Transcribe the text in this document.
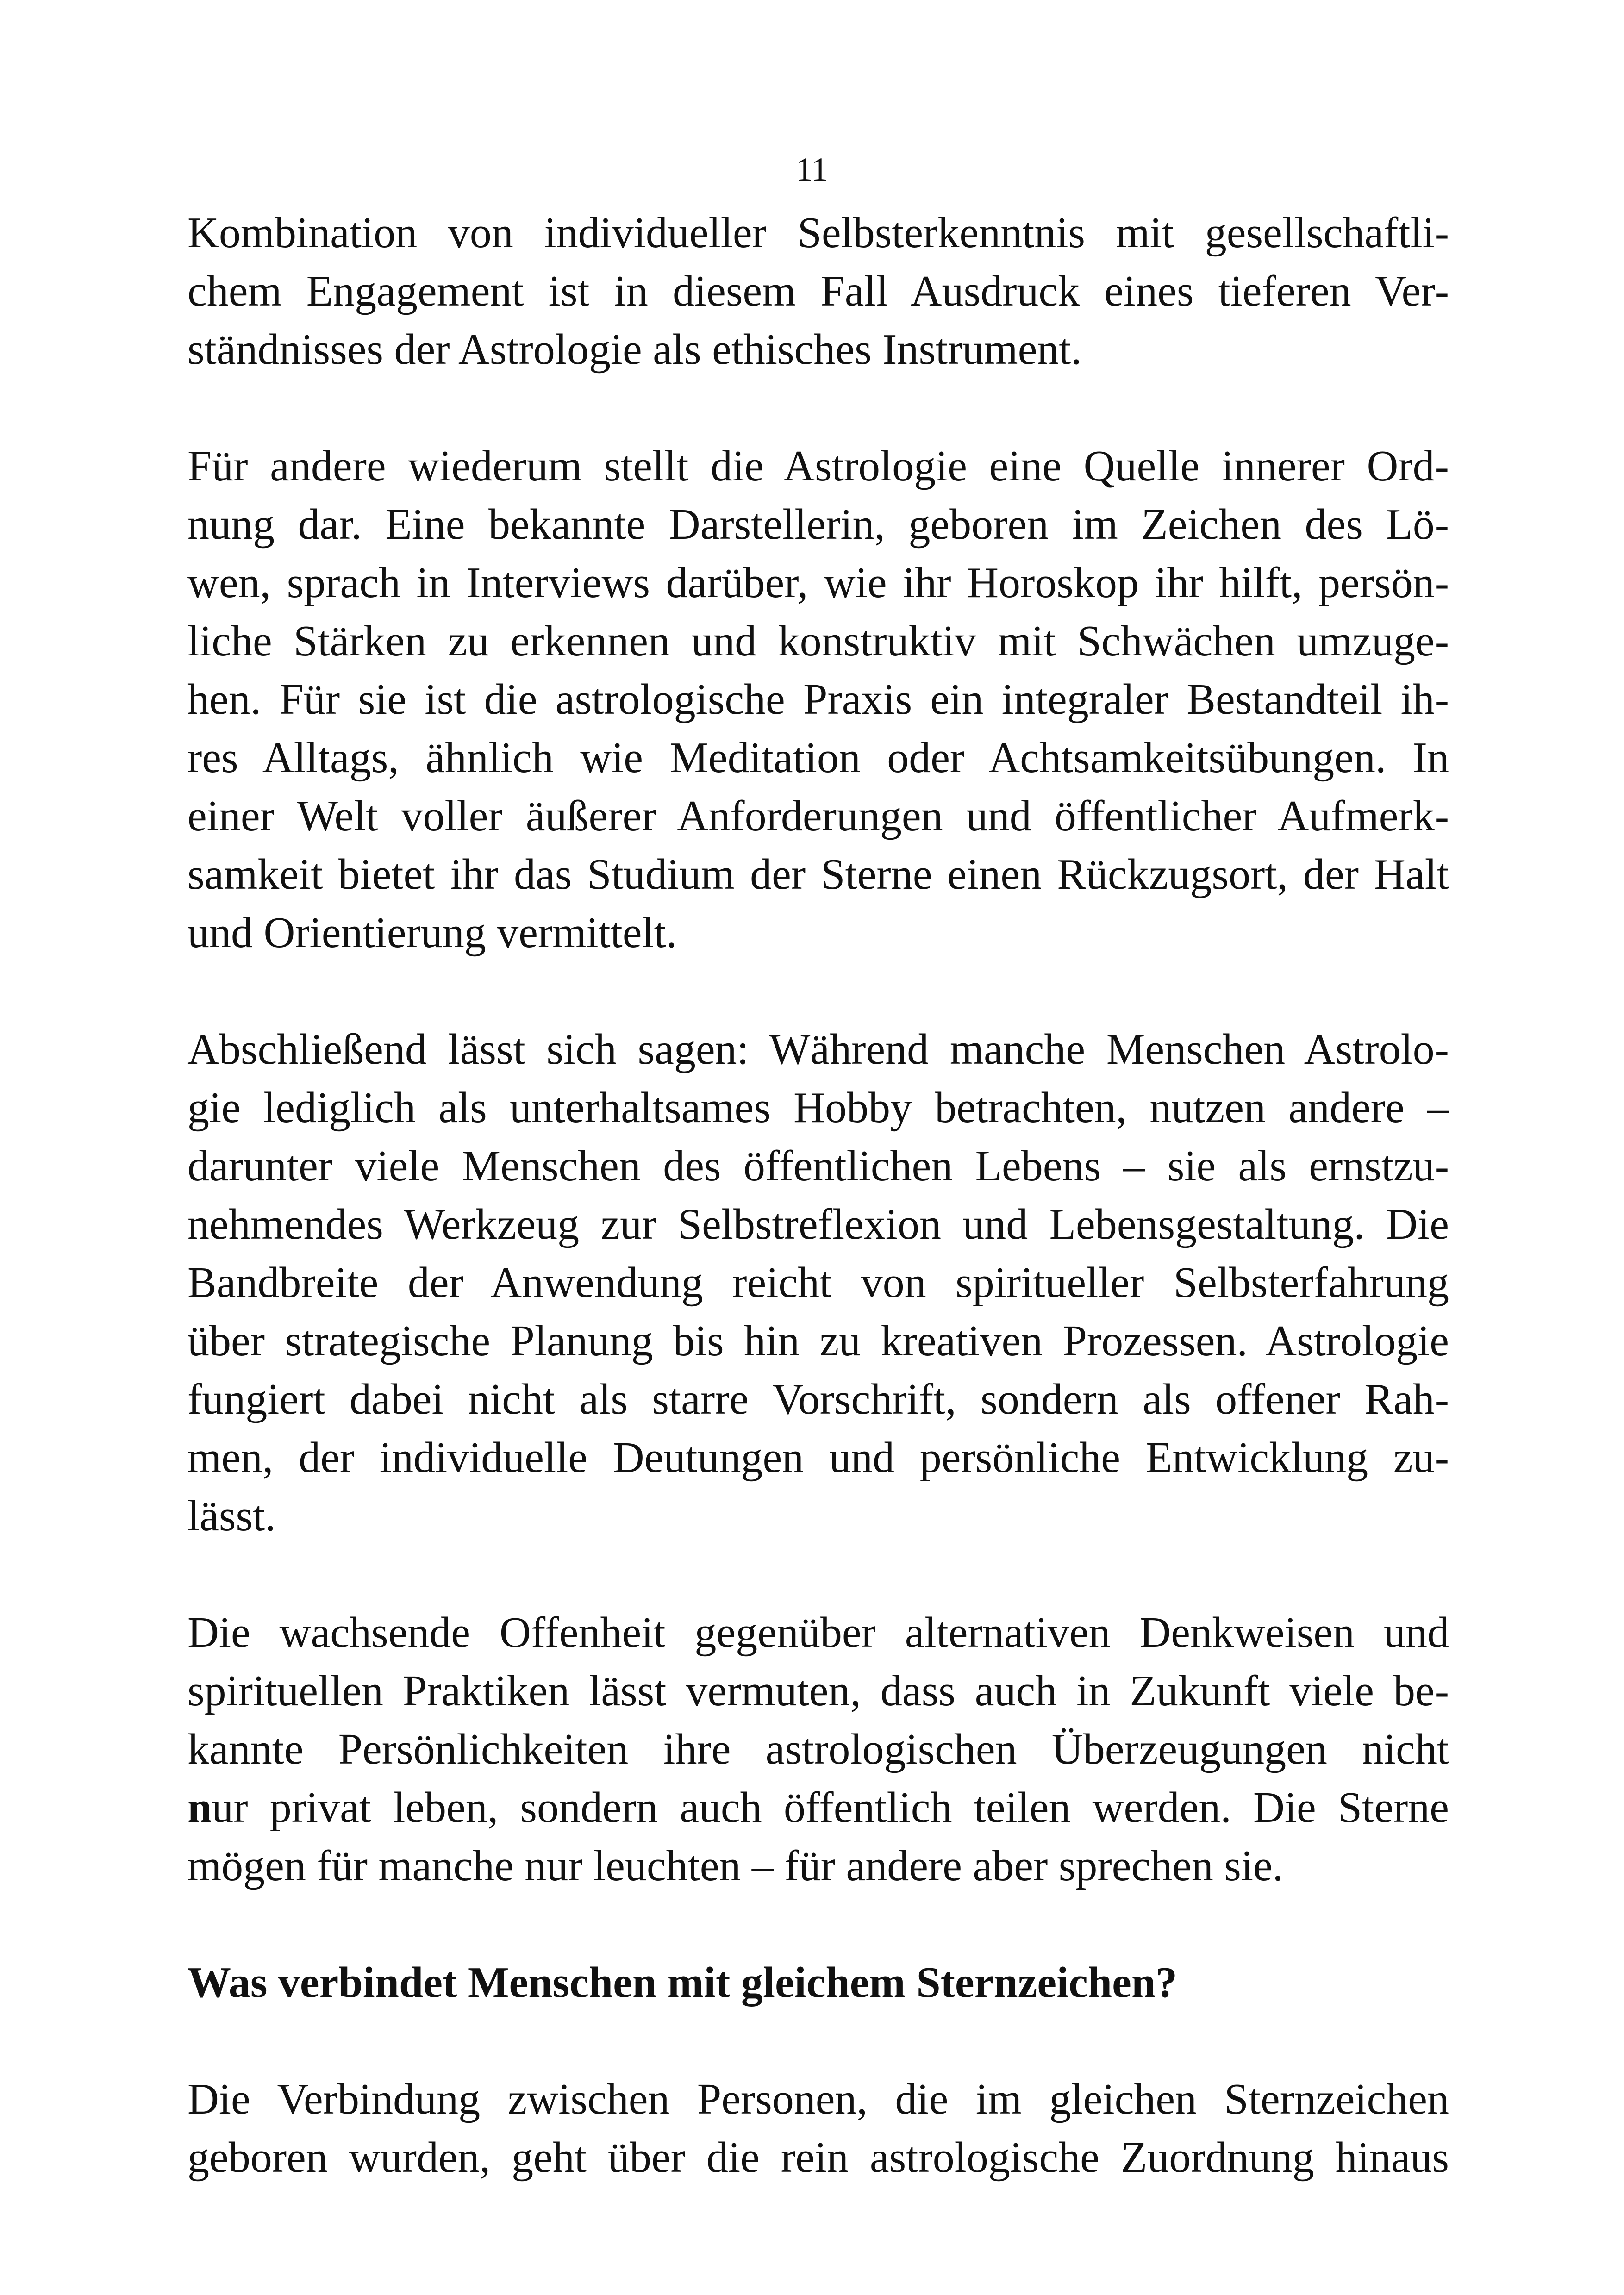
11
Kombination von individueller Selbsterkenntnis mit gesellschaftli-
chem Engagement ist in diesem Fall Ausdruck eines tieferen Ver-
ständnisses der Astrologie als ethisches Instrument.
Für andere wiederum stellt die Astrologie eine Quelle innerer Ord-
nung dar. Eine bekannte Darstellerin, geboren im Zeichen des Lö-
wen, sprach in Interviews darüber, wie ihr Horoskop ihr hilft, persön-
liche Stärken zu erkennen und konstruktiv mit Schwächen umzuge-
hen. Für sie ist die astrologische Praxis ein integraler Bestandteil ih-
res Alltags, ähnlich wie Meditation oder Achtsamkeitsübungen. In
einer Welt voller äußerer Anforderungen und öffentlicher Aufmerk-
samkeit bietet ihr das Studium der Sterne einen Rückzugsort, der Halt
und Orientierung vermittelt.
Abschließend lässt sich sagen: Während manche Menschen Astrolo-
gie lediglich als unterhaltsames Hobby betrachten, nutzen andere –
darunter viele Menschen des öffentlichen Lebens – sie als ernstzu-
nehmendes Werkzeug zur Selbstreflexion und Lebensgestaltung. Die
Bandbreite der Anwendung reicht von spiritueller Selbsterfahrung
über strategische Planung bis hin zu kreativen Prozessen. Astrologie
fungiert dabei nicht als starre Vorschrift, sondern als offener Rah-
men, der individuelle Deutungen und persönliche Entwicklung zu-
lässt.
Die wachsende Offenheit gegenüber alternativen Denkweisen und
spirituellen Praktiken lässt vermuten, dass auch in Zukunft viele be-
kannte Persönlichkeiten ihre astrologischen Überzeugungen nicht
nur privat leben, sondern auch öffentlich teilen werden. Die Sterne
mögen für manche nur leuchten – für andere aber sprechen sie.
Was verbindet Menschen mit gleichem Sternzeichen?
Die Verbindung zwischen Personen, die im gleichen Sternzeichen
geboren wurden, geht über die rein astrologische Zuordnung hinaus
